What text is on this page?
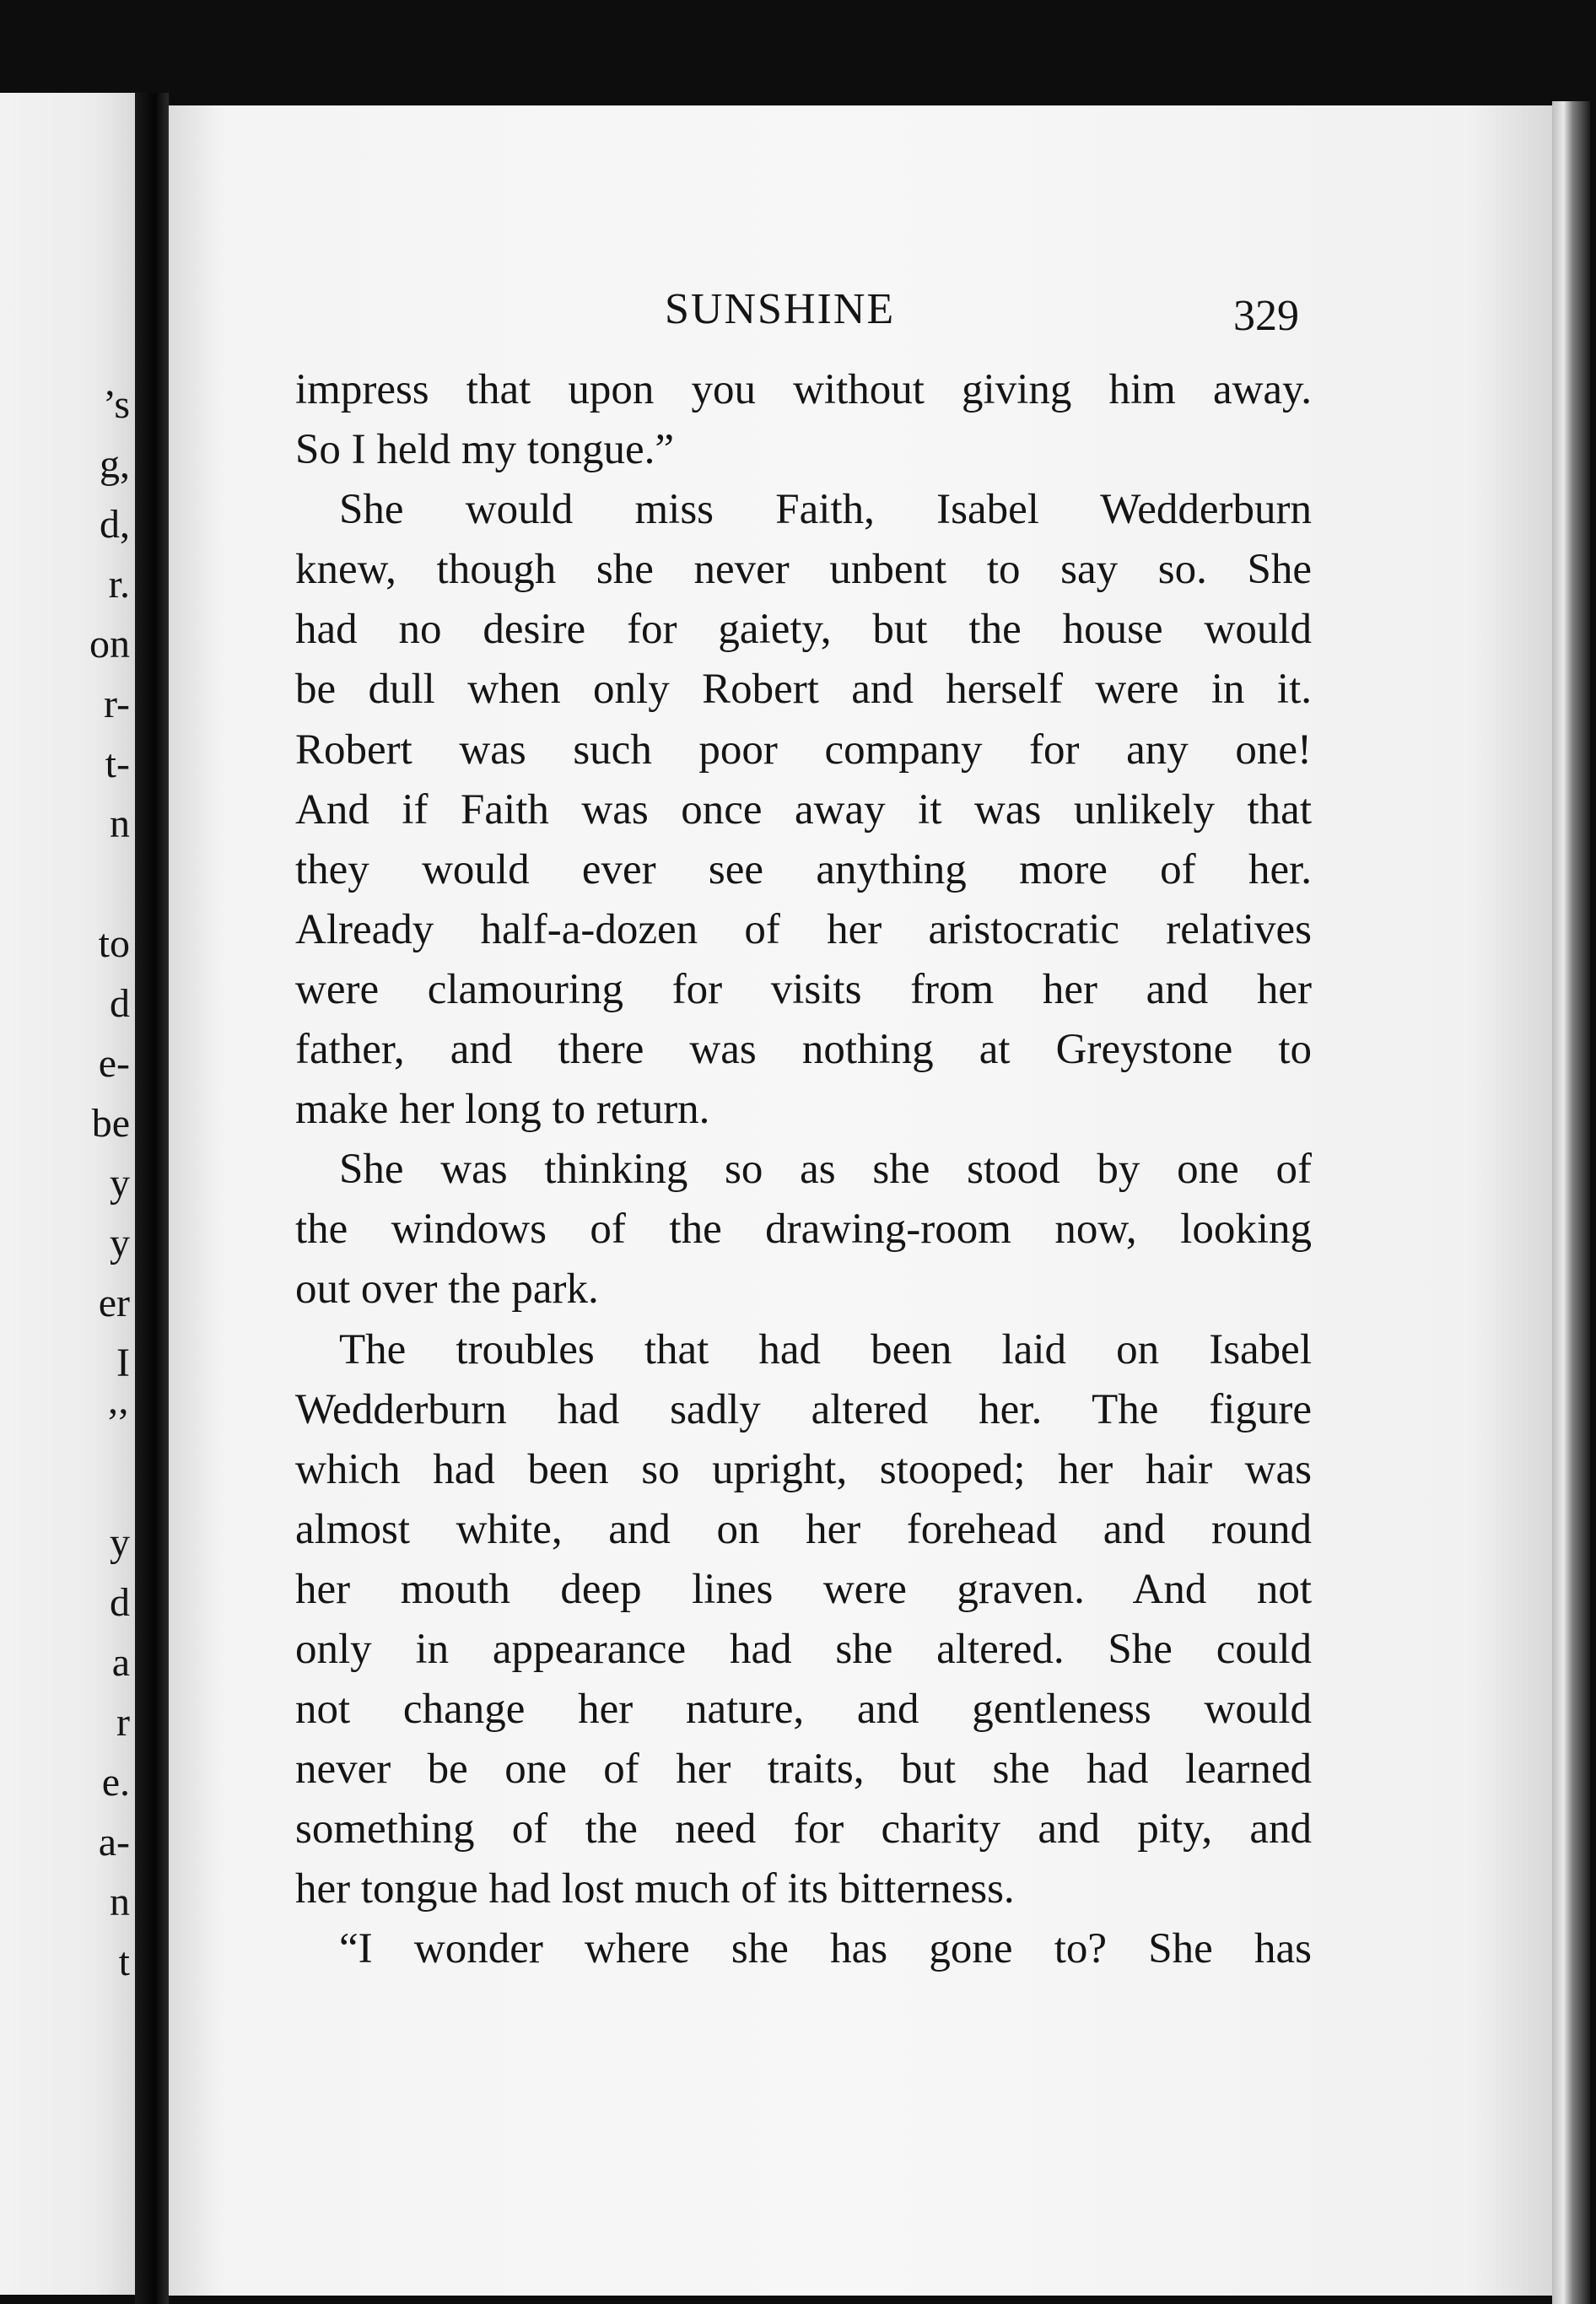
’s
g,
d,
r.
on
r-
t-
n
to
d
e-
be
y
y
er
I
’’
y
d
a
r
e.
a-
n
t
SUNSHINE	329
impress that upon you without giving him away.
So I held my tongue.”
She would miss Faith, Isabel Wedderburn
knew, though she never unbent to say so. She
had no desire for gaiety, but the house would
be dull when only Robert and herself were in it.
Robert was such poor company for any one!
And if Faith was once away it was unlikely that
they would ever see anything more of her.
Already half-a-dozen of her aristocratic relatives
were clamouring for visits from her and her
father, and there was nothing at Greystone to
make her long to return.
She was thinking so as she stood by one of
the windows of the drawing-room now, looking
out over the park.
The troubles that had been laid on Isabel
Wedderburn had sadly altered her. The figure
which had been so upright, stooped; her hair was
almost white, and on her forehead and round
her mouth deep lines were graven. And not
only in appearance had she altered. She could
not change her nature, and gentleness would
never be one of her traits, but she had learned
something of the need for charity and pity, and
her tongue had lost much of its bitterness.
“I wonder where she has gone to? She has
